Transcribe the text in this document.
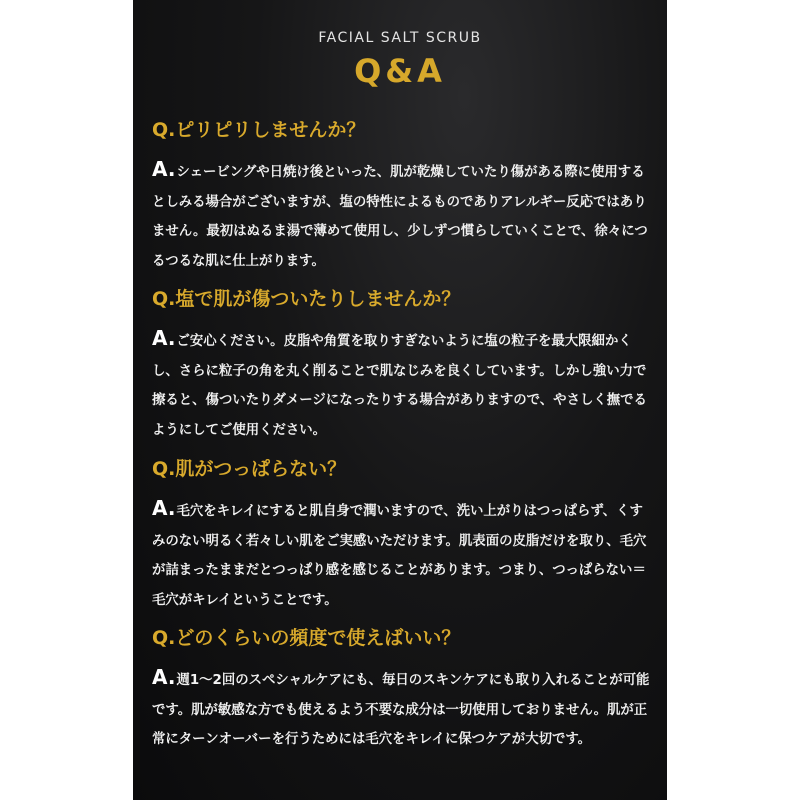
FACIAL SALT SCRUB
Q&A
Q.ピリピリしませんか？
A.シェービングや日焼け後といった、肌が乾燥していたり傷がある際に使用するとしみる場合がございますが、塩の特性によるものでありアレルギー反応ではありません。最初はぬるま湯で薄めて使用し、少しずつ慣らしていくことで、徐々につるつるな肌に仕上がります。
Q.塩で肌が傷ついたりしませんか？
A.ご安心ください。皮脂や角質を取りすぎないように塩の粒子を最大限細かくし、さらに粒子の角を丸く削ることで肌なじみを良くしています。しかし強い力で擦ると、傷ついたりダメージになったりする場合がありますので、やさしく撫でるようにしてご使用ください。
Q.肌がつっぱらない？
A.毛穴をキレイにすると肌自身で潤いますので、洗い上がりはつっぱらず、くすみのない明るく若々しい肌をご実感いただけます。肌表面の皮脂だけを取り、毛穴が詰まったままだとつっぱり感を感じることがあります。つまり、つっぱらない＝毛穴がキレイということです。
Q.どのくらいの頻度で使えばいい？
A.週1〜2回のスペシャルケアにも、毎日のスキンケアにも取り入れることが可能です。肌が敏感な方でも使えるよう不要な成分は一切使用しておりません。肌が正常にターンオーバーを行うためには毛穴をキレイに保つケアが大切です。
